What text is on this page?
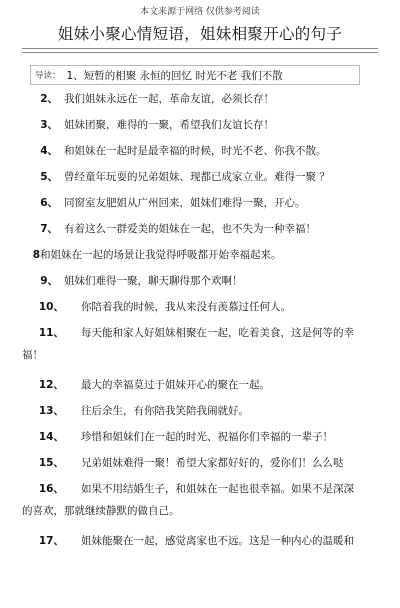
本文来源于网络 仅供参考阅读
姐妹小聚心情短语，姐妹相聚开心的句子
导读： 1、短暂的相聚 永恒的回忆 时光不老 我们不散
2、 我们姐妹永远在一起，革命友谊，必须长存！
3、 姐妹团聚，难得的一聚，希望我们友谊长存！
4、 和姐妹在一起时是最幸福的时候，时光不老、你我不散。
5、 曾经童年玩耍的兄弟姐妹、现都已成家立业。难得一聚 ？
6、 同窗室友肥姐从广州回来，姐妹们难得一聚，开心。
7、 有着这么一群爱美的姐妹在一起，也不失为一种幸福！
8 和姐妹在一起的场景让我觉得呼吸都开始幸福起来。
9、 姐妹们难得一聚，聊天聊得那个欢啊！
10、 你陪着我的时候，我从来没有羡慕过任何人。
11、 每天能和家人好姐妹相聚在一起，吃着美食，这是何等的幸
福！
12、 最大的幸福莫过于姐妹开心的聚在一起。
13、 往后余生，有你陪我笑陪我闹就好。
14、 珍惜和姐妹们在一起的时光、祝福你们幸福的一辈子！
15、 兄弟姐妹难得一聚！希望大家都好好的，爱你们！么么哒
16、 如果不用结婚生子，和姐妹在一起也很幸福。如果不是深深
的喜欢，那就继续静默的做自己。
17、 姐妹能聚在一起，感觉离家也不远。这是一种内心的温暖和
